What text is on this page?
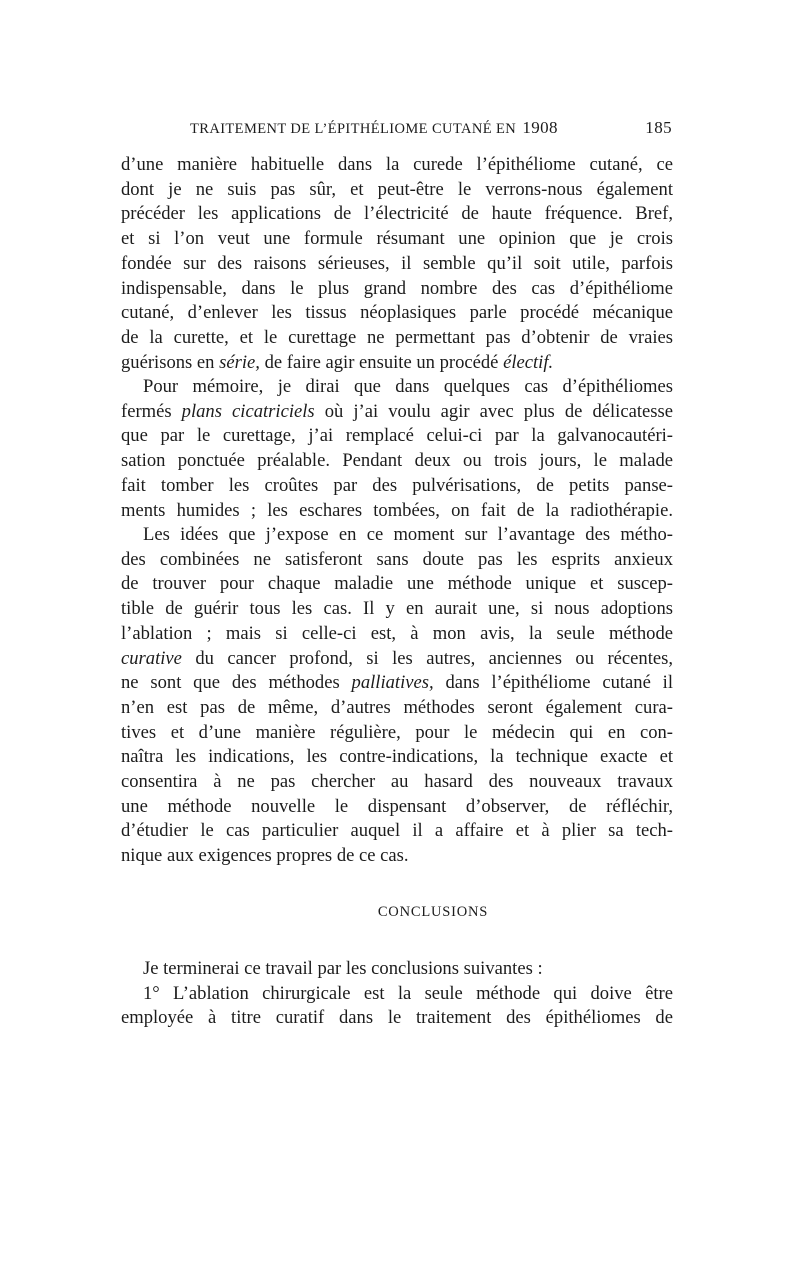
TRAITEMENT DE L’ÉPITHÉLIOME CUTANÉ EN 1908	185
d’une manière habituelle dans la curede l’épithéliome cutané, ce
dont je ne suis pas sûr, et peut-être le verrons-nous également
précéder les applications de l’électricité de haute fréquence. Bref,
et si l’on veut une formule résumant une opinion que je crois
fondée sur des raisons sérieuses, il semble qu’il soit utile, parfois
indispensable, dans le plus grand nombre des cas d’épithéliome
cutané, d’enlever les tissus néoplasiques parle procédé mécanique
de la curette, et le curettage ne permettant pas d’obtenir de vraies
guérisons en série, de faire agir ensuite un procédé électif.
Pour mémoire, je dirai que dans quelques cas d’épithéliomes
fermés plans cicatriciels où j’ai voulu agir avec plus de délicatesse
que par le curettage, j’ai remplacé celui-ci par la galvanocautéri-
sation ponctuée préalable. Pendant deux ou trois jours, le malade
fait tomber les croûtes par des pulvérisations, de petits panse-
ments humides ; les eschares tombées, on fait de la radiothérapie.
Les idées que j’expose en ce moment sur l’avantage des métho-
des combinées ne satisferont sans doute pas les esprits anxieux
de trouver pour chaque maladie une méthode unique et suscep-
tible de guérir tous les cas. Il y en aurait une, si nous adoptions
l’ablation ; mais si celle-ci est, à mon avis, la seule méthode
curative du cancer profond, si les autres, anciennes ou récentes,
ne sont que des méthodes palliatives, dans l’épithéliome cutané il
n’en est pas de même, d’autres méthodes seront également cura-
tives et d’une manière régulière, pour le médecin qui en con-
naîtra les indications, les contre-indications, la technique exacte et
consentira à ne pas chercher au hasard des nouveaux travaux
une méthode nouvelle le dispensant d’observer, de réfléchir,
d’étudier le cas particulier auquel il a affaire et à plier sa tech-
nique aux exigences propres de ce cas.
CONCLUSIONS
Je terminerai ce travail par les conclusions suivantes :
1° L’ablation chirurgicale est la seule méthode qui doive être
employée à titre curatif dans le traitement des épithéliomes de
